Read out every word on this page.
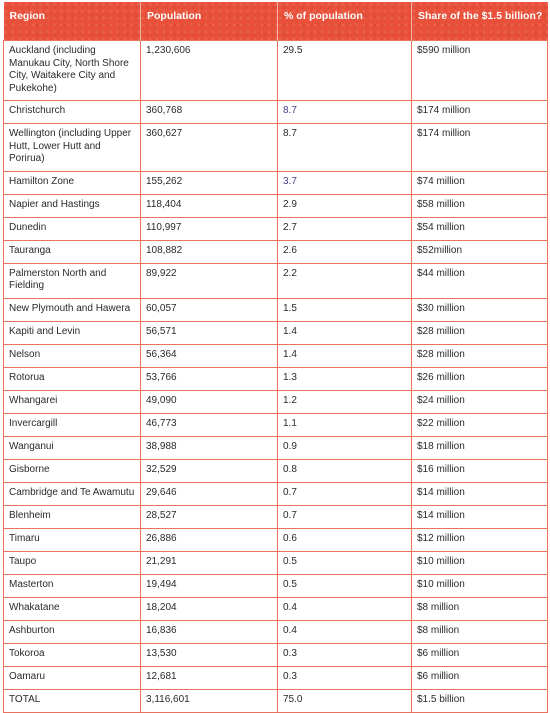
Region	Population	% of population	Share of the $1.5 billion?
Auckland (including Manukau City, North Shore City, Waitakere City and Pukekohe)	1,230,606	29.5	$590 million
Christchurch	360,768	8.7	$174 million
Wellington (including Upper Hutt, Lower Hutt and Porirua)	360,627	8.7	$174 million
Hamilton Zone	155,262	3.7	$74 million
Napier and Hastings	118,404	2.9	$58 million
Dunedin	110,997	2.7	$54 million
Tauranga	108,882	2.6	$52million
Palmerston North and Fielding	89,922	2.2	$44 million
New Plymouth and Hawera	60,057	1.5	$30 million
Kapiti and Levin	56,571	1.4	$28 million
Nelson	56,364	1.4	$28 million
Rotorua	53,766	1.3	$26 million
Whangarei	49,090	1.2	$24 million
Invercargill	46,773	1.1	$22 million
Wanganui	38,988	0.9	$18 million
Gisborne	32,529	0.8	$16 million
Cambridge and Te Awamutu	29,646	0.7	$14 million
Blenheim	28,527	0.7	$14 million
Timaru	26,886	0.6	$12 million
Taupo	21,291	0.5	$10 million
Masterton	19,494	0.5	$10 million
Whakatane	18,204	0.4	$8 million
Ashburton	16,836	0.4	$8 million
Tokoroa	13,530	0.3	$6 million
Oamaru	12,681	0.3	$6 million
TOTAL	3,116,601	75.0	$1.5 billion
